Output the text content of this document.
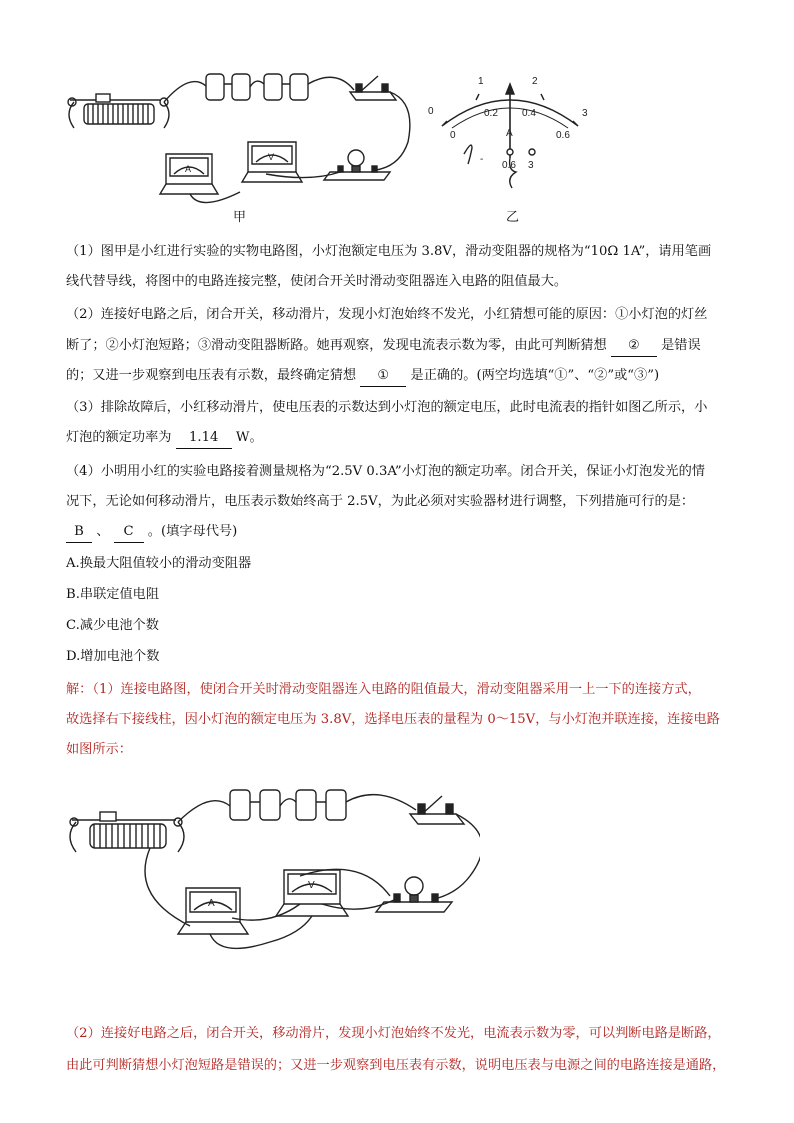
A
V
甲
0
1	2
3
0
0.2 0.4
0.6
A
-
0.6 3
乙
（1）图甲是小红进行实验的实物电路图，小灯泡额定电压为 3.8V，滑动变阻器的规格为“10Ω 1A”，请用笔画
线代替导线，将图中的电路连接完整，使闭合开关时滑动变阻器连入电路的阻值最大。
（2）连接好电路之后，闭合开关，移动滑片，发现小灯泡始终不发光，小红猜想可能的原因：①小灯泡的灯丝
断了；②小灯泡短路；③滑动变阻器断路。她再观察，发现电流表示数为零，由此可判断猜想 ② 是错误
的；又进一步观察到电压表有示数，最终确定猜想 ① 是正确的。(两空均选填“①”、“②”或“③”)
（3）排除故障后，小红移动滑片，使电压表的示数达到小灯泡的额定电压，此时电流表的指针如图乙所示，小
灯泡的额定功率为 1.14 W。
（4）小明用小红的实验电路接着测量规格为“2.5V 0.3A”小灯泡的额定功率。闭合开关，保证小灯泡发光的情
况下，无论如何移动滑片，电压表示数始终高于 2.5V，为此必须对实验器材进行调整，下列措施可行的是：
B 、 C 。(填字母代号)
A.换最大阻值较小的滑动变阻器
B.串联定值电阻
C.减少电池个数
D.增加电池个数
解：（1）连接电路图，使闭合开关时滑动变阻器连入电路的阻值最大，滑动变阻器采用一上一下的连接方式，
故选择右下接线柱，因小灯泡的额定电压为 3.8V，选择电压表的量程为 0～15V，与小灯泡并联连接，连接电路
如图所示：
A
V
（2）连接好电路之后，闭合开关，移动滑片，发现小灯泡始终不发光，电流表示数为零，可以判断电路是断路，
由此可判断猜想小灯泡短路是错误的；又进一步观察到电压表有示数，说明电压表与电源之间的电路连接是通路，
